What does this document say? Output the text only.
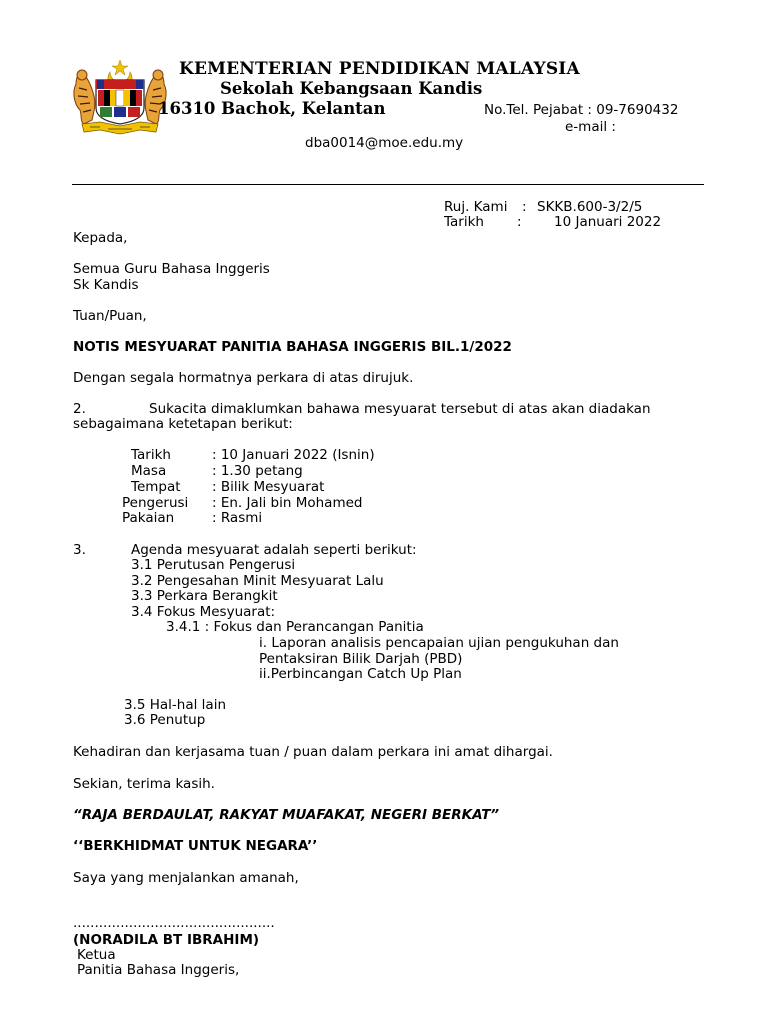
KEMENTERIAN PENDIDIKAN MALAYSIA
Sekolah Kebangsaan Kandis
16310 Bachok, Kelantan	No.Tel. Pejabat : 09-7690432
e-mail :
dba0014@moe.edu.my
Ruj. Kami : SKKB.600-3/2/5
Tarikh : 10 Januari 2022
Kepada,
Semua Guru Bahasa Inggeris
Sk Kandis
Tuan/Puan,
NOTIS MESYUARAT PANITIA BAHASA INGGERIS BIL.1/2022
Dengan segala hormatnya perkara di atas dirujuk.
2.	Sukacita dimaklumkan bahawa mesyuarat tersebut di atas akan diadakan
sebagaimana ketetapan berikut:
Tarikh	: 10 Januari 2022 (Isnin)
Masa	: 1.30 petang
Tempat : Bilik Mesyuarat
Pengerusi : En. Jali bin Mohamed
Pakaian	: Rasmi
3.	Agenda mesyuarat adalah seperti berikut:
3.1 Perutusan Pengerusi
3.2 Pengesahan Minit Mesyuarat Lalu
3.3 Perkara Berangkit
3.4 Fokus Mesyuarat:
3.4.1 : Fokus dan Perancangan Panitia
i. Laporan analisis pencapaian ujian pengukuhan dan
Pentaksiran Bilik Darjah (PBD)
ii.Perbincangan Catch Up Plan
3.5 Hal-hal lain
3.6 Penutup
Kehadiran dan kerjasama tuan / puan dalam perkara ini amat dihargai.
Sekian, terima kasih.
“RAJA BERDAULAT, RAKYAT MUAFAKAT, NEGERI BERKAT”
‘‘BERKHIDMAT UNTUK NEGARA’’
Saya yang menjalankan amanah,
...............................................
(NORADILA BT IBRAHIM)
Ketua
Panitia Bahasa Inggeris,
